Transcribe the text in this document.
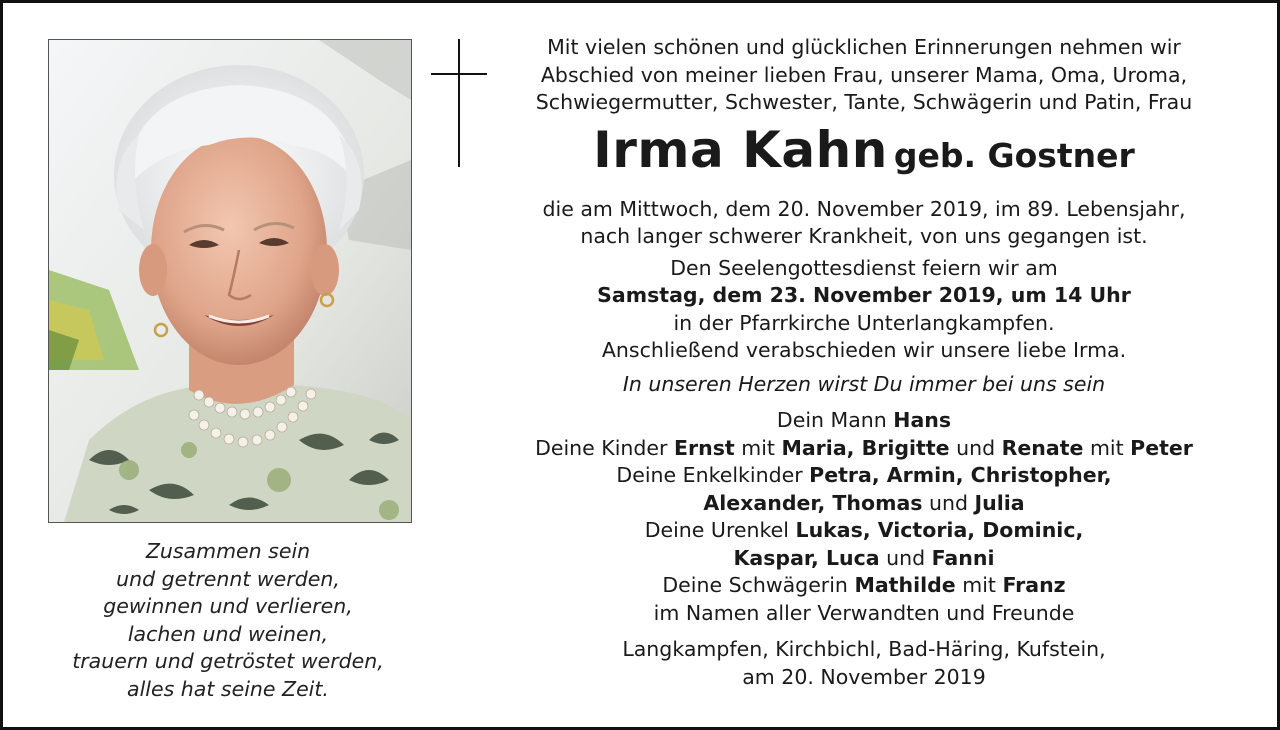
Zusammen sein
und getrennt werden,
gewinnen und verlieren,
lachen und weinen,
trauern und getröstet werden,
alles hat seine Zeit.
Mit vielen schönen und glücklichen Erinnerungen nehmen wir
Abschied von meiner lieben Frau, unserer Mama, Oma, Uroma,
Schwiegermutter, Schwester, Tante, Schwägerin und Patin, Frau
Irma Kahn geb. Gostner
die am Mittwoch, dem 20. November 2019, im 89. Lebensjahr,
nach langer schwerer Krankheit, von uns gegangen ist.
Den Seelengottesdienst feiern wir am
Samstag, dem 23. November 2019, um 14 Uhr
in der Pfarrkirche Unterlangkampfen.
Anschließend verabschieden wir unsere liebe Irma.
In unseren Herzen wirst Du immer bei uns sein
Dein Mann Hans
Deine Kinder Ernst mit Maria, Brigitte und Renate mit Peter
Deine Enkelkinder Petra, Armin, Christopher,
Alexander, Thomas und Julia
Deine Urenkel Lukas, Victoria, Dominic,
Kaspar, Luca und Fanni
Deine Schwägerin Mathilde mit Franz
im Namen aller Verwandten und Freunde
Langkampfen, Kirchbichl, Bad-Häring, Kufstein,
am 20. November 2019
